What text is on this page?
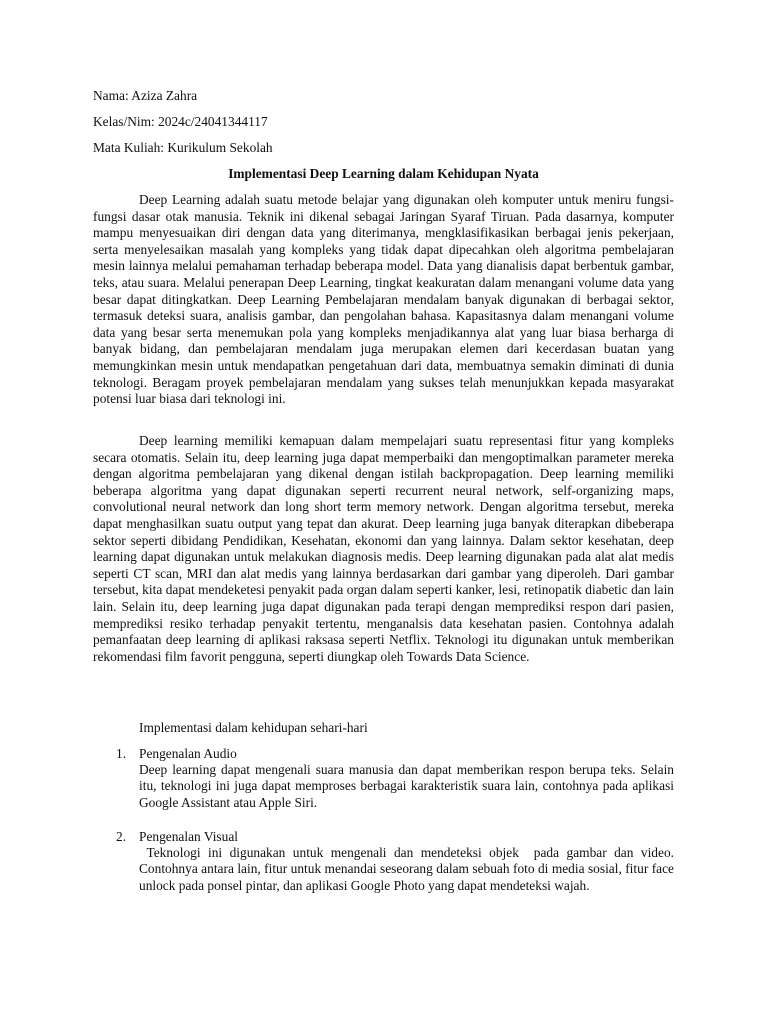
Nama: Aziza Zahra
Kelas/Nim: 2024c/24041344117
Mata Kuliah: Kurikulum Sekolah
Implementasi Deep Learning dalam Kehidupan Nyata

Deep Learning adalah suatu metode belajar yang digunakan oleh komputer untuk meniru fungsi-fungsi dasar otak manusia. Teknik ini dikenal sebagai Jaringan Syaraf Tiruan. Pada dasarnya, komputer mampu menyesuaikan diri dengan data yang diterimanya, mengklasifikasikan berbagai jenis pekerjaan, serta menyelesaikan masalah yang kompleks yang tidak dapat dipecahkan oleh algoritma pembelajaran mesin lainnya melalui pemahaman terhadap beberapa model. Data yang dianalisis dapat berbentuk gambar, teks, atau suara. Melalui penerapan Deep Learning, tingkat keakuratan dalam menangani volume data yang besar dapat ditingkatkan. Deep Learning Pembelajaran mendalam banyak digunakan di berbagai sektor, termasuk deteksi suara, analisis gambar, dan pengolahan bahasa. Kapasitasnya dalam menangani volume data yang besar serta menemukan pola yang kompleks menjadikannya alat yang luar biasa berharga di banyak bidang, dan pembelajaran mendalam juga merupakan elemen dari kecerdasan buatan yang memungkinkan mesin untuk mendapatkan pengetahuan dari data, membuatnya semakin diminati di dunia teknologi. Beragam proyek pembelajaran mendalam yang sukses telah menunjukkan kepada masyarakat potensi luar biasa dari teknologi ini.

Deep learning memiliki kemapuan dalam mempelajari suatu representasi fitur yang kompleks secara otomatis. Selain itu, deep learning juga dapat memperbaiki dan mengoptimalkan parameter mereka dengan algoritma pembelajaran yang dikenal dengan istilah backpropagation. Deep learning memiliki beberapa algoritma yang dapat digunakan seperti recurrent neural network, self-organizing maps, convolutional neural network dan long short term memory network. Dengan algoritma tersebut, mereka dapat menghasilkan suatu output yang tepat dan akurat. Deep learning juga banyak diterapkan dibeberapa sektor seperti dibidang Pendidikan, Kesehatan, ekonomi dan yang lainnya. Dalam sektor kesehatan, deep learning dapat digunakan untuk melakukan diagnosis medis. Deep learning digunakan pada alat alat medis seperti CT scan, MRI dan alat medis yang lainnya berdasarkan dari gambar yang diperoleh. Dari gambar tersebut, kita dapat mendeketesi penyakit pada organ dalam seperti kanker, lesi, retinopatik diabetic dan lain lain. Selain itu, deep learning juga dapat digunakan pada terapi dengan memprediksi respon dari pasien, memprediksi resiko terhadap penyakit tertentu, menganalsis data kesehatan pasien. Contohnya adalah pemanfaatan deep learning di aplikasi raksasa seperti Netflix. Teknologi itu digunakan untuk memberikan rekomendasi film favorit pengguna, seperti diungkap oleh Towards Data Science.

Implementasi dalam kehidupan sehari-hari
1. Pengenalan Audio

Deep learning dapat mengenali suara manusia dan dapat memberikan respon berupa teks. Selain itu, teknologi ini juga dapat memproses berbagai karakteristik suara lain, contohnya pada aplikasi Google Assistant atau Apple Siri.

2. Pengenalan Visual

Teknologi ini digunakan untuk mengenali dan mendeteksi objek  pada gambar dan video. Contohnya antara lain, fitur untuk menandai seseorang dalam sebuah foto di media sosial, fitur face unlock pada ponsel pintar, dan aplikasi Google Photo yang dapat mendeteksi wajah.
